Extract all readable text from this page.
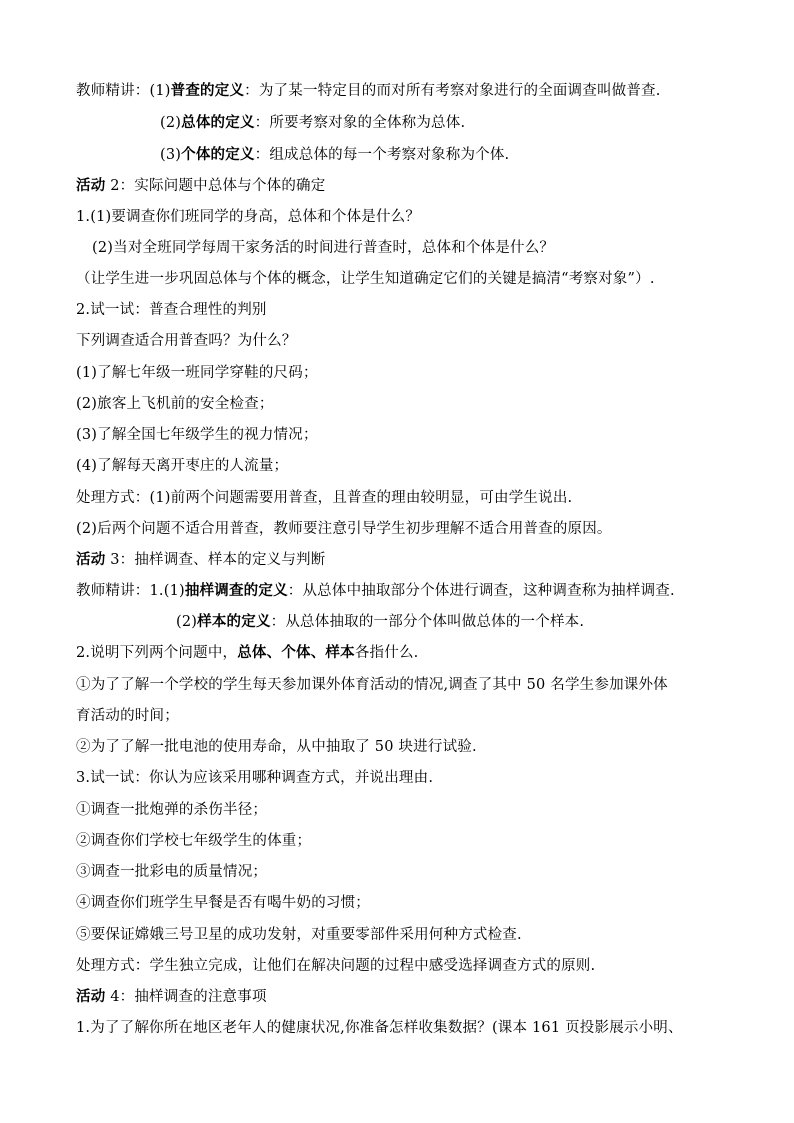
教师精讲：(1)普查的定义：为了某一特定目的而对所有考察对象进行的全面调查叫做普查.
(2)总体的定义：所要考察对象的全体称为总体.
(3)个体的定义：组成总体的每一个考察对象称为个体.
活动 2：实际问题中总体与个体的确定
1.(1)要调查你们班同学的身高，总体和个体是什么？
(2)当对全班同学每周干家务活的时间进行普查时，总体和个体是什么？
（让学生进一步巩固总体与个体的概念，让学生知道确定它们的关键是搞清“考察对象”）.
2.试一试：普查合理性的判别
下列调查适合用普查吗？为什么？
(1)了解七年级一班同学穿鞋的尺码；
(2)旅客上飞机前的安全检查；
(3)了解全国七年级学生的视力情况；
(4)了解每天离开枣庄的人流量；
处理方式：(1)前两个问题需要用普查，且普查的理由较明显，可由学生说出.
(2)后两个问题不适合用普查，教师要注意引导学生初步理解不适合用普查的原因。
活动 3：抽样调查、样本的定义与判断
教师精讲：1.(1)抽样调查的定义：从总体中抽取部分个体进行调查，这种调查称为抽样调查.
(2)样本的定义：从总体抽取的一部分个体叫做总体的一个样本.
2.说明下列两个问题中，总体、个体、样本各指什么.
①为了了解一个学校的学生每天参加课外体育活动的情况,调查了其中 50 名学生参加课外体
育活动的时间；
②为了了解一批电池的使用寿命，从中抽取了 50 块进行试验.
3.试一试：你认为应该采用哪种调查方式，并说出理由.
①调查一批炮弹的杀伤半径；
②调查你们学校七年级学生的体重；
③调查一批彩电的质量情况；
④调查你们班学生早餐是否有喝牛奶的习惯；
⑤要保证嫦娥三号卫星的成功发射，对重要零部件采用何种方式检查.
处理方式：学生独立完成，让他们在解决问题的过程中感受选择调查方式的原则.
活动 4：抽样调查的注意事项
1.为了了解你所在地区老年人的健康状况,你准备怎样收集数据？(课本 161 页投影展示小明、
